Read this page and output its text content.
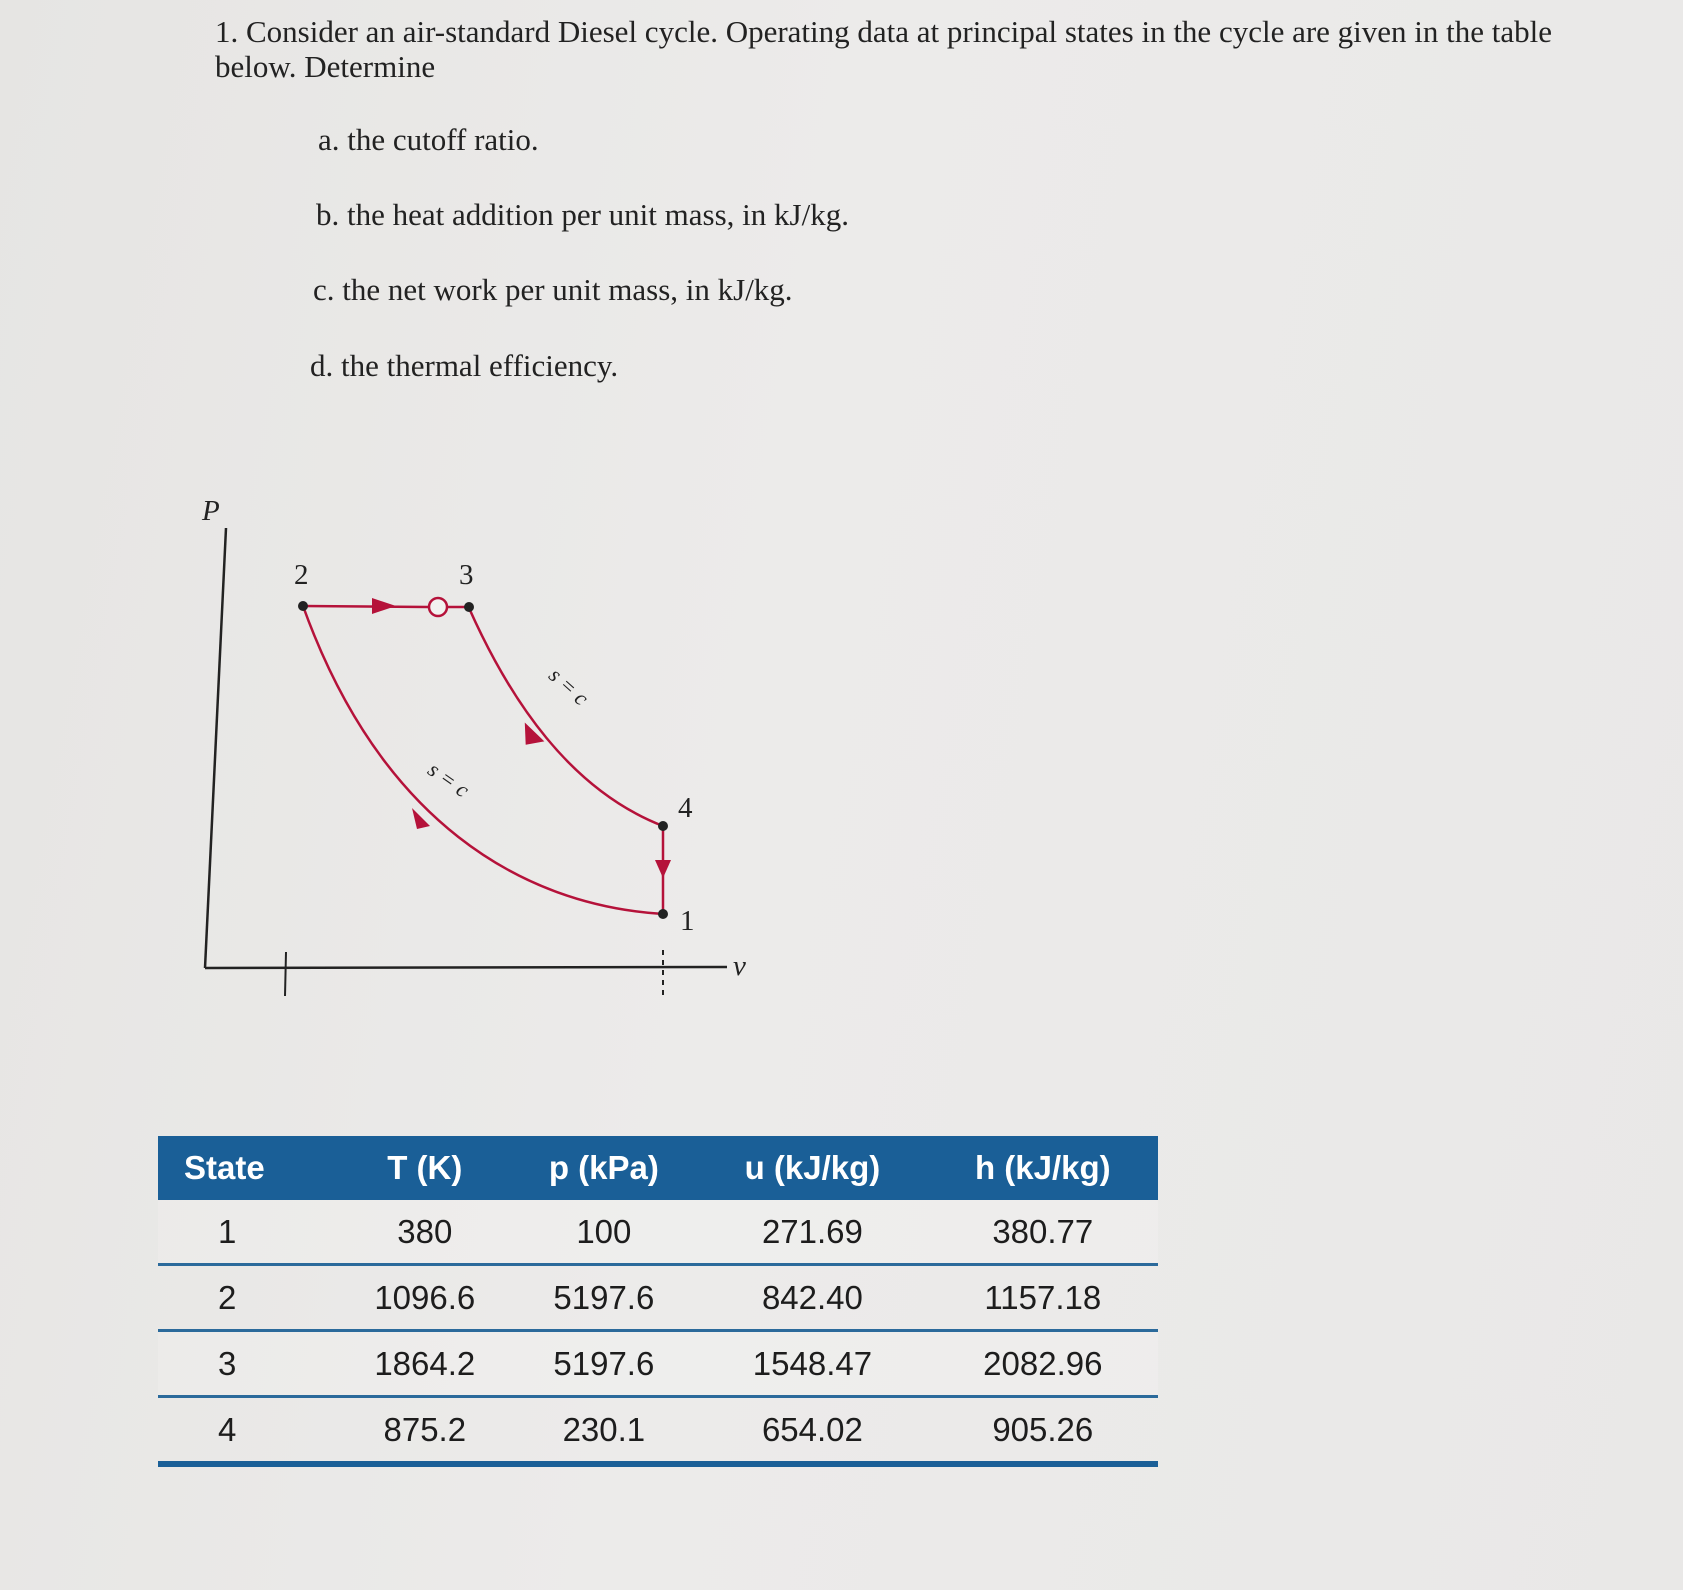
1. Consider an air-standard Diesel cycle. Operating data at principal states in the cycle are given in the table below. Determine
a. the cutoff ratio.
b. the heat addition per unit mass, in kJ/kg.
c. the net work per unit mass, in kJ/kg.
d. the thermal efficiency.
P
v
2	3
4
1
s = c
s = c
State	T (K)	p (kPa)	u (kJ/kg)	h (kJ/kg)
1	380	100	271.69	380.77
2	1096.6	5197.6	842.40	1157.18
3	1864.2	5197.6	1548.47	2082.96
4	875.2	230.1	654.02	905.26
